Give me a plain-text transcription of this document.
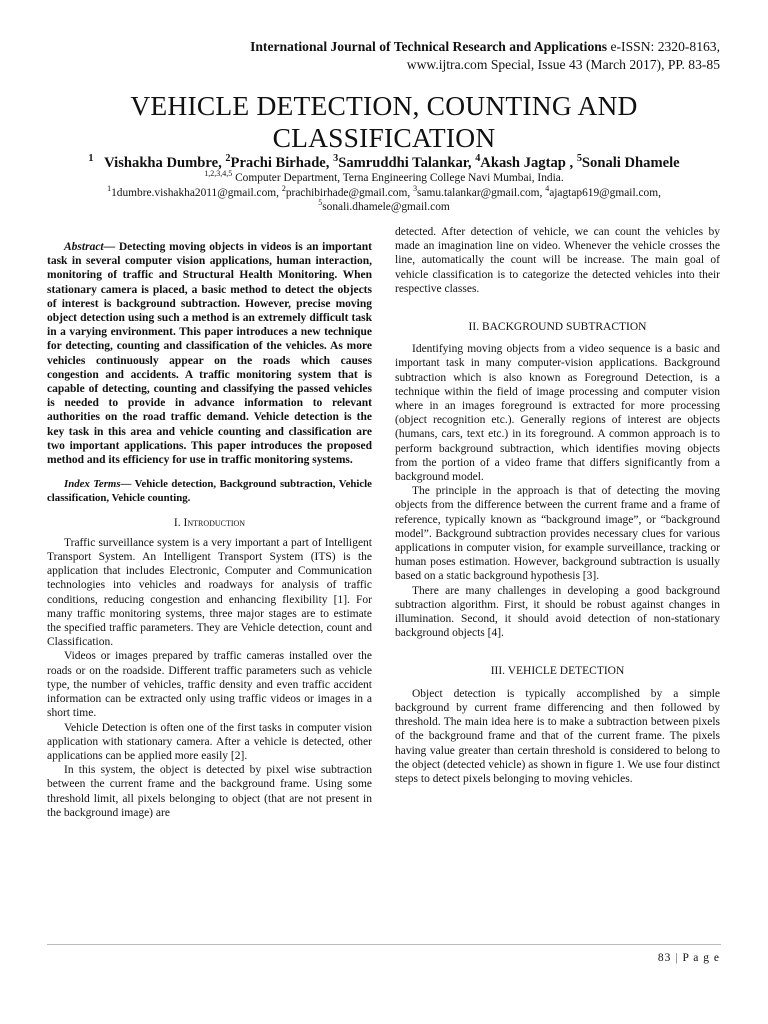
International Journal of Technical Research and Applications e-ISSN: 2320-8163,
www.ijtra.com Special, Issue 43 (March 2017), PP. 83-85
VEHICLE DETECTION, COUNTING AND
CLASSIFICATION
$^1$ Vishakha Dumbre, $^2$Prachi Birhade, $^3$Samruddhi Talankar, $^4$Akash Jagtap , $^5$Sonali Dhamele
$^{1,2,3,4,5}$ Computer Department, Terna Engineering College Navi Mumbai, India.
$^1$1dumbre.vishakha2011@gmail.com, $^2$prachibirhade@gmail.com, $^3$samu.talankar@gmail.com, $^4$ajagtap619@gmail.com,
$^5$sonali.dhamele@gmail.com

Abstract— Detecting moving objects in videos is an important task in several computer vision applications, human interaction, monitoring of traffic and Structural Health Monitoring. When stationary camera is placed, a basic method to detect the objects of interest is background subtraction. However, precise moving object detection using such a method is an extremely difficult task in a varying environment. This paper introduces a new technique for detecting, counting and classification of the vehicles. As more vehicles continuously appear on the roads which causes congestion and accidents. A traffic monitoring system that is capable of detecting, counting and classifying the passed vehicles is needed to provide in advance information to relevant authorities on the road traffic demand. Vehicle detection is the key task in this area and vehicle counting and classification are two important applications. This paper introduces the proposed method and its efficiency for use in traffic monitoring systems.

Index Terms— Vehicle detection, Background subtraction, Vehicle classification, Vehicle counting.

I. Introduction

Traffic surveillance system is a very important a part of Intelligent Transport System. An Intelligent Transport System (ITS) is the application that includes Electronic, Computer and Communication technologies into vehicles and roadways for analysis of traffic conditions, reducing congestion and enhancing flexibility [1]. For many traffic monitoring systems, three major stages are to estimate the specified traffic parameters. They are Vehicle detection, count and Classification.

Videos or images prepared by traffic cameras installed over the roads or on the roadside. Different traffic parameters such as vehicle type, the number of vehicles, traffic density and even traffic accident information can be extracted only using traffic videos or images in a short time.

Vehicle Detection is often one of the first tasks in computer vision application with stationary camera. After a vehicle is detected, other applications can be applied more easily [2].

In this system, the object is detected by pixel wise subtraction between the current frame and the background frame. Using some threshold limit, all pixels belonging to object (that are not present in the background image) are

detected. After detection of vehicle, we can count the vehicles by made an imagination line on video. Whenever the vehicle crosses the line, automatically the count will be increase. The main goal of vehicle classification is to categorize the detected vehicles into their respective classes.

II. BACKGROUND SUBTRACTION

Identifying moving objects from a video sequence is a basic and important task in many computer-vision applications. Background subtraction which is also known as Foreground Detection, is a technique within the field of image processing and computer vision where in an images foreground is extracted for more processing (object recognition etc.). Generally regions of interest are objects (humans, cars, text etc.) in its foreground. A common approach is to perform background subtraction, which identifies moving objects from the portion of a video frame that differs significantly from a background model.

The principle in the approach is that of detecting the moving objects from the difference between the current frame and a frame of reference, typically known as “background image”, or “background model”. Background subtraction provides necessary clues for various applications in computer vision, for example surveillance, tracking or human poses estimation. However, background subtraction is usually based on a static background hypothesis [3].

There are many challenges in developing a good background subtraction algorithm. First, it should be robust against changes in illumination. Second, it should avoid detection of non-stationary background objects [4].

III. VEHICLE DETECTION

Object detection is typically accomplished by a simple background by current frame differencing and then followed by threshold. The main idea here is to make a subtraction between pixels of the background frame and that of the current frame. The pixels having value greater than certain threshold is considered to belong to the object (detected vehicle) as shown in figure 1. We use four distinct steps to detect pixels belonging to moving vehicles.

83 | P a g e
